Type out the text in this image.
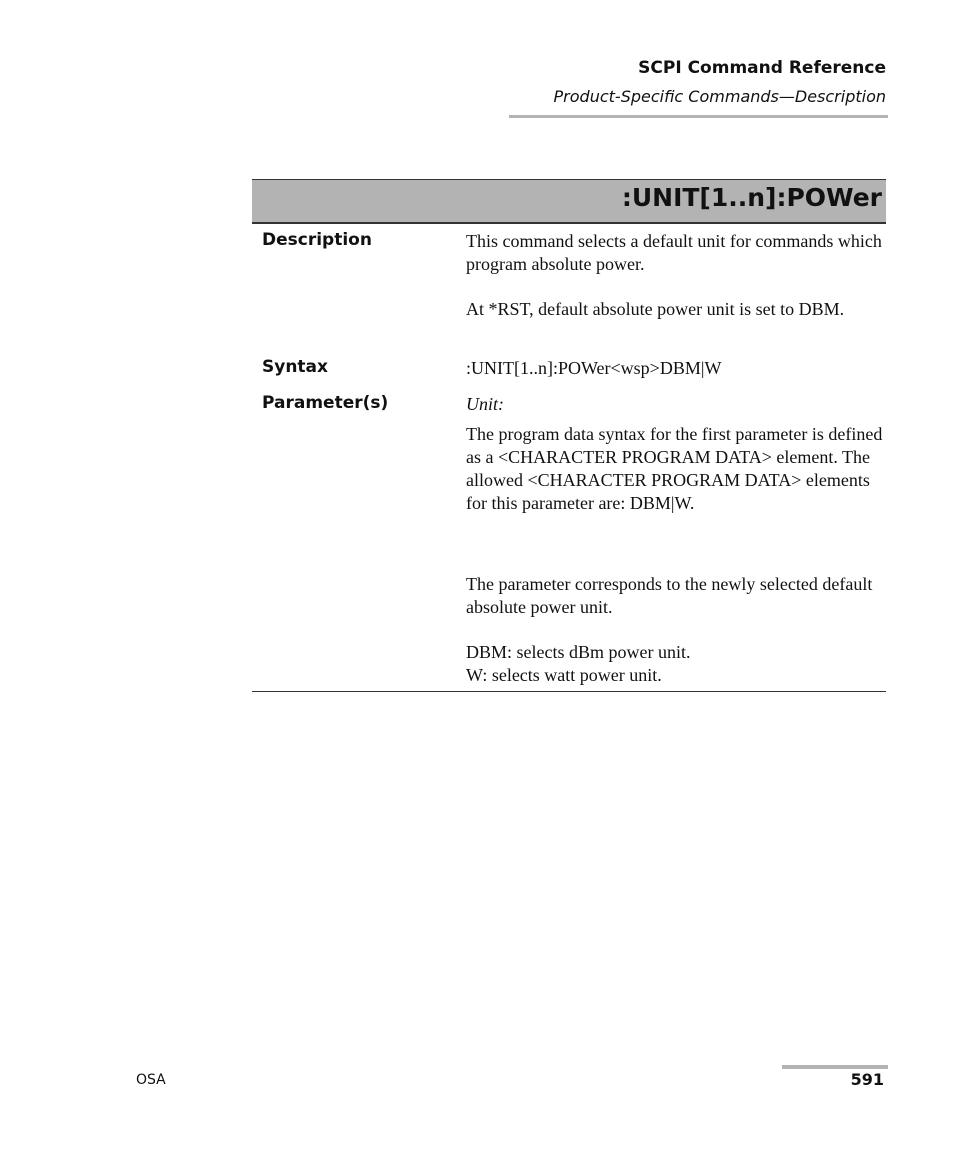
SCPI Command Reference
Product-Specific Commands—Description
:UNIT[1..n]:POWer
Description	This command selects a default unit for commands which program absolute power.

At *RST, default absolute power unit is set to DBM.

Syntax	:UNIT[1..n]:POWer<wsp>DBM|W
Parameter(s)	Unit:

The program data syntax for the first parameter is defined as a <CHARACTER PROGRAM DATA> element. The allowed <CHARACTER PROGRAM DATA> elements for this parameter are: DBM|W.

The parameter corresponds to the newly selected default absolute power unit.

DBM: selects dBm power unit.

W: selects watt power unit.

OSA	591
